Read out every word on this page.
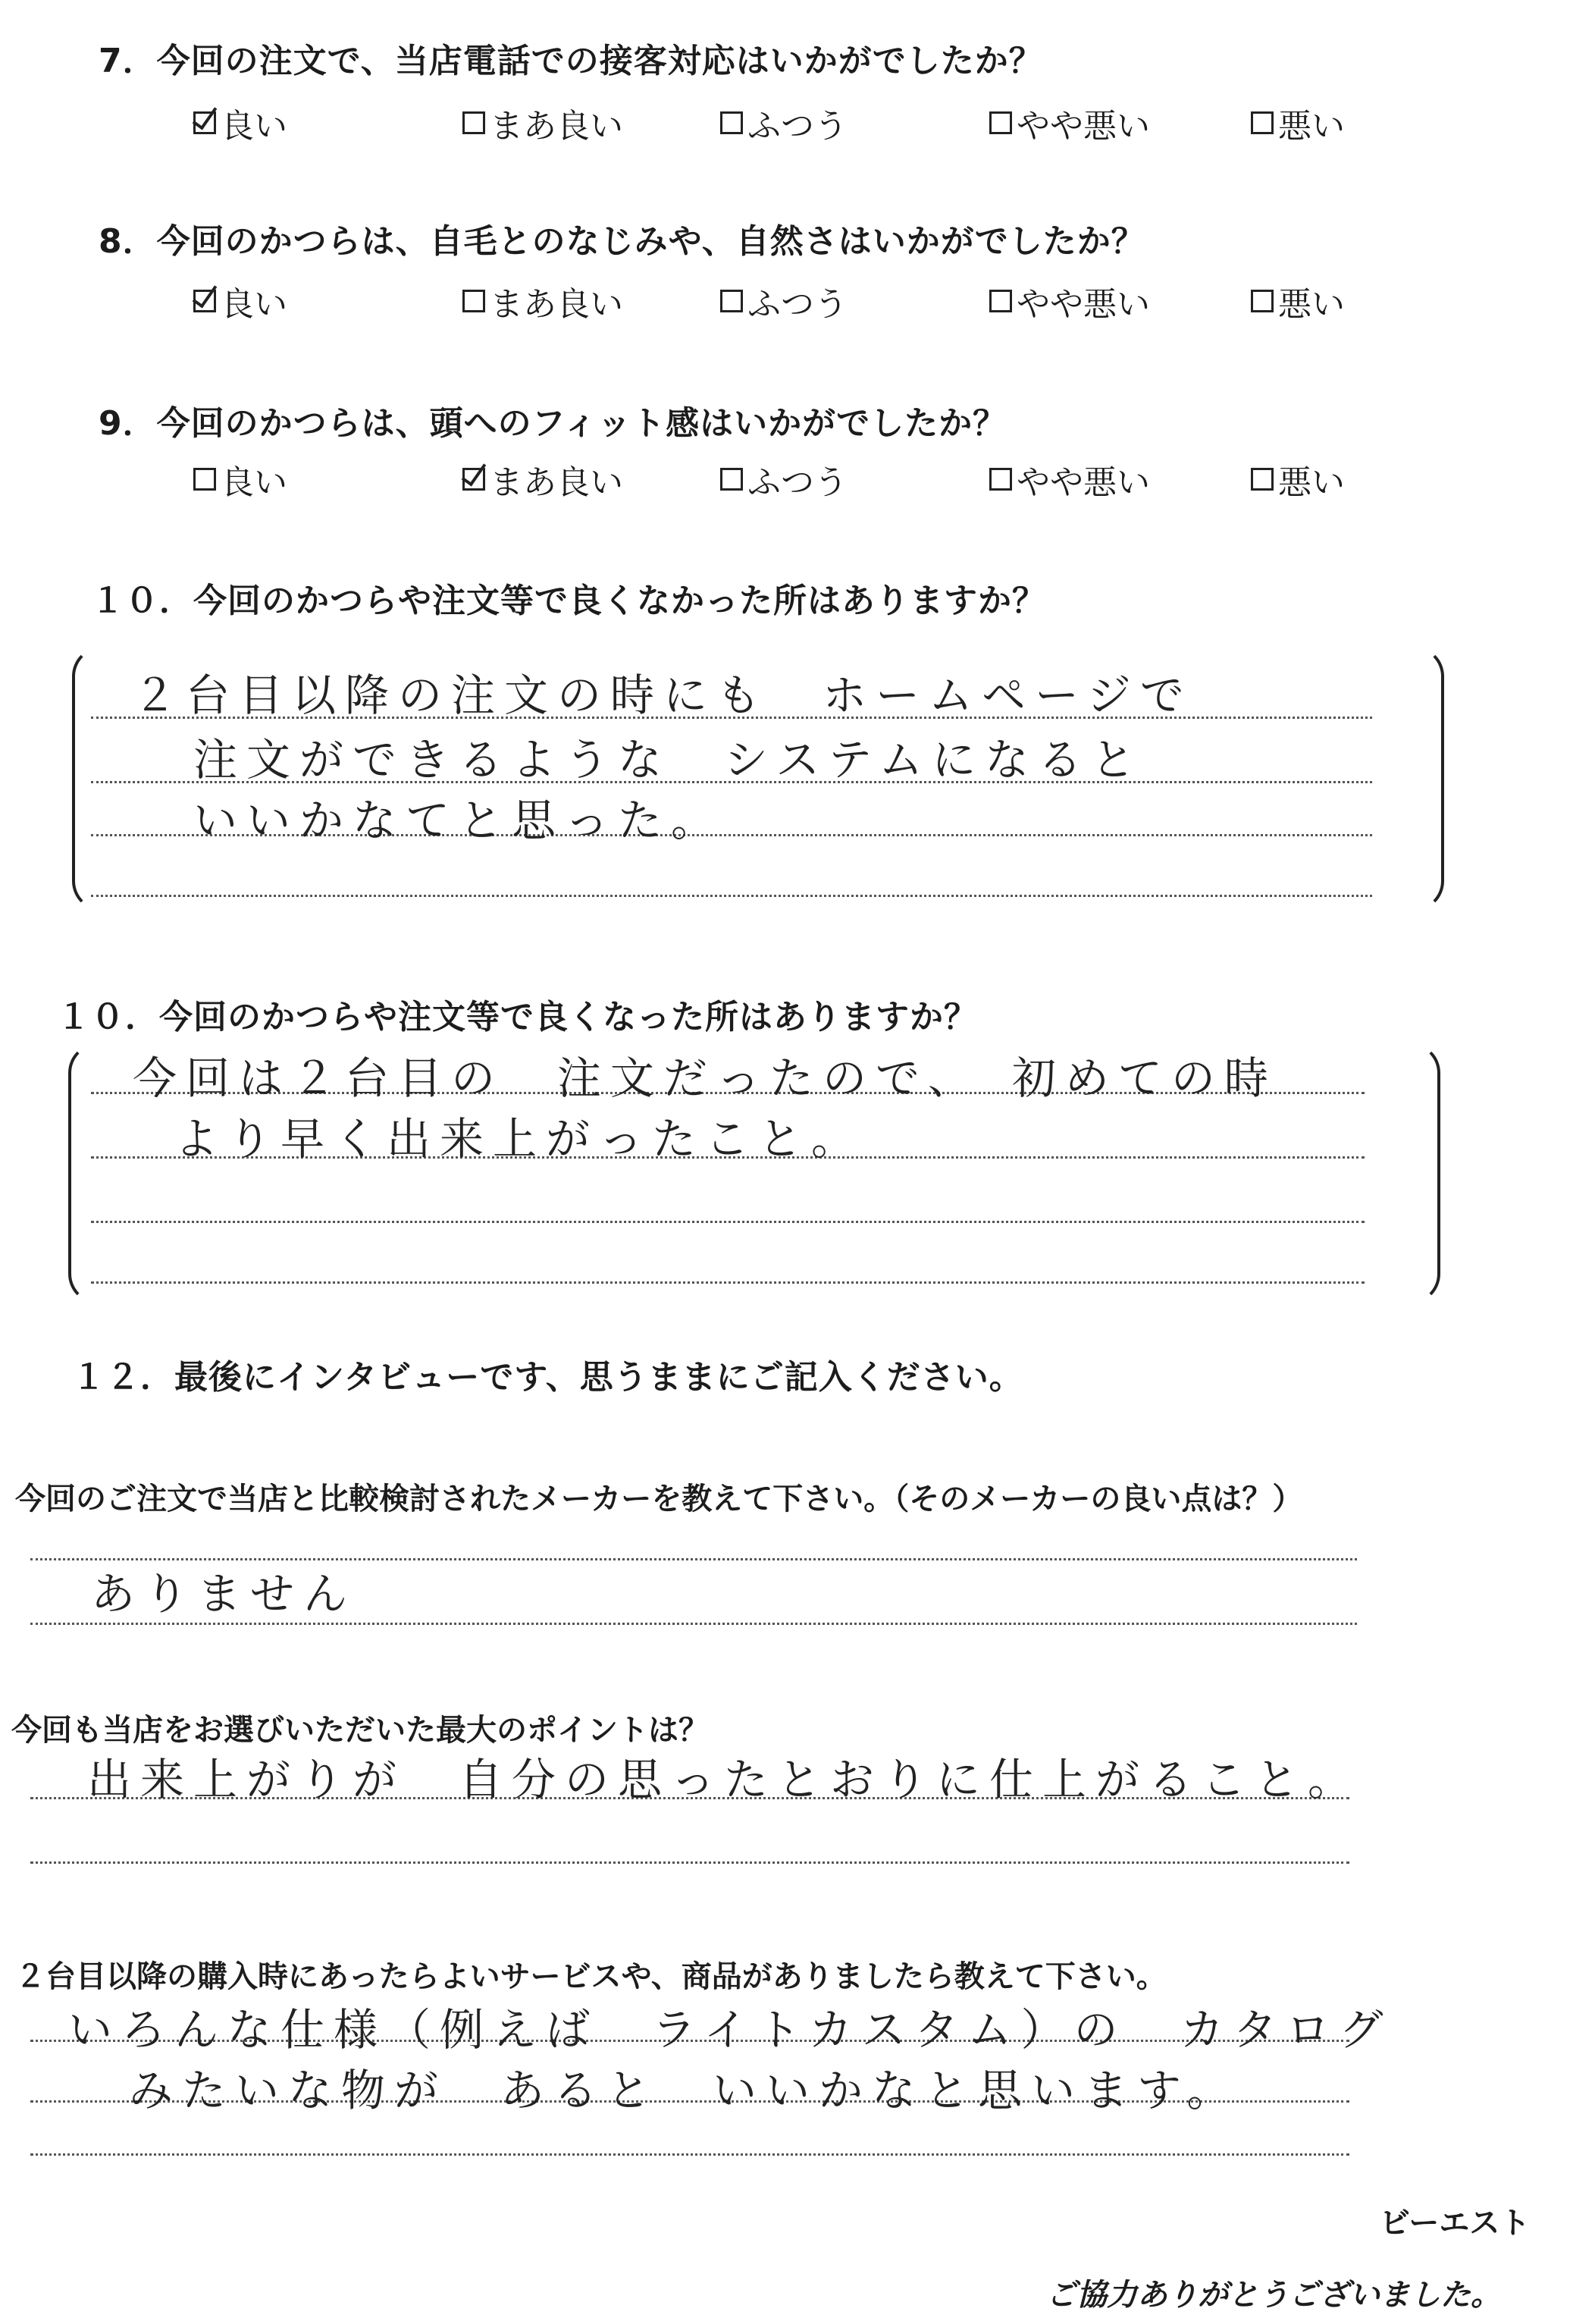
7．今回の注文で、当店電話での接客対応はいかがでしたか？
良い	まあ良い	ふつう	やや悪い	悪い
8．今回のかつらは、自毛とのなじみや、自然さはいかがでしたか？
良い	まあ良い	ふつう	やや悪い	悪い
9．今回のかつらは、頭へのフィット感はいかがでしたか？
良い	まあ良い	ふつう	やや悪い	悪い
１０．今回のかつらや注文等で良くなかった所はありますか？
２台目以降の注文の時にも　ホームページで
注文ができるような　システムになると
いいかなてと思った。
１０．今回のかつらや注文等で良くなった所はありますか？
今回は２台目の　注文だったので、　初めての時
より早く出来上がったこと。
１２．最後にインタビューです、思うままにご記入ください。
今回のご注文で当店と比較検討されたメーカーを教えて下さい。（そのメーカーの良い点は？）
ありません
今回も当店をお選びいただいた最大のポイントは？
出来上がりが　自分の思ったとおりに仕上がること。
２台目以降の購入時にあったらよいサービスや、商品がありましたら教えて下さい。
いろんな仕様（例えば　ライトカスタム）の　カタログ
みたいな物が　あると　いいかなと思います。
ビーエスト
ご協力ありがとうございました。
